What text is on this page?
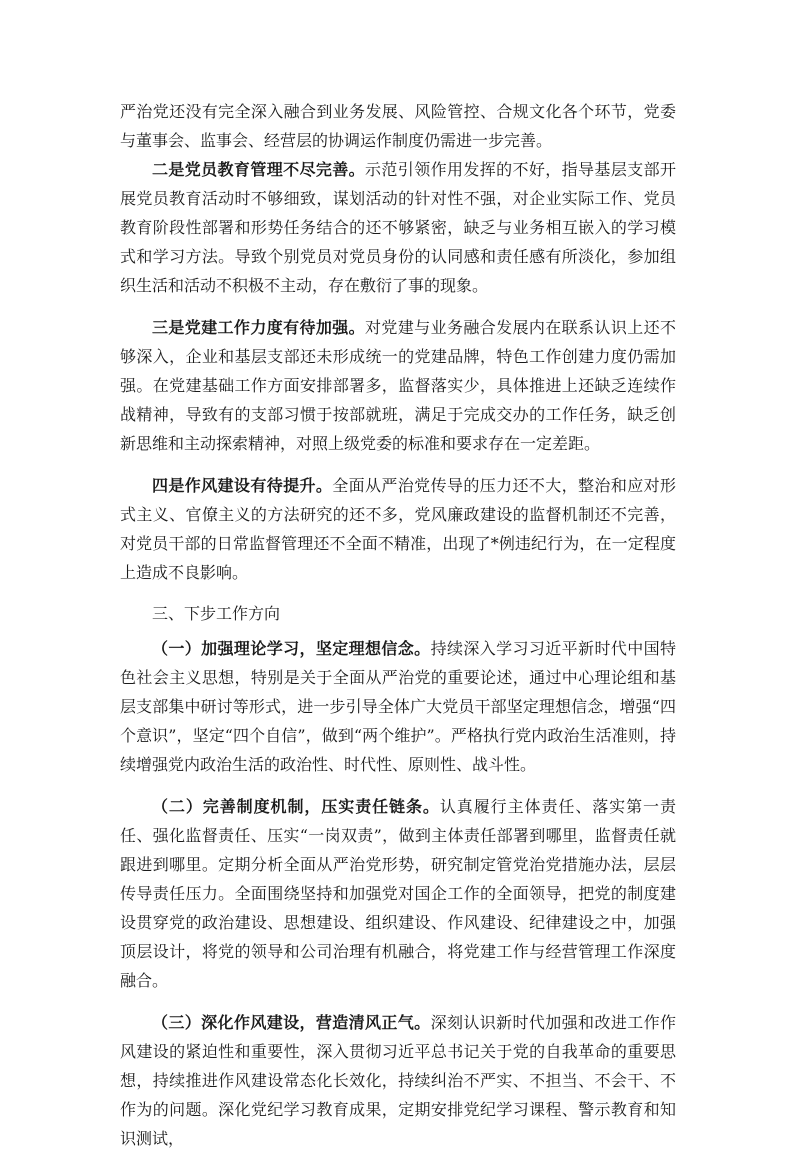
严治党还没有完全深入融合到业务发展、风险管控、合规文化各个环节，党委与董事会、监事会、经营层的协调运作制度仍需进一步完善。

二是党员教育管理不尽完善。示范引领作用发挥的不好，指导基层支部开展党员教育活动时不够细致，谋划活动的针对性不强，对企业实际工作、党员教育阶段性部署和形势任务结合的还不够紧密，缺乏与业务相互嵌入的学习模式和学习方法。导致个别党员对党员身份的认同感和责任感有所淡化，参加组织生活和活动不积极不主动，存在敷衍了事的现象。

三是党建工作力度有待加强。对党建与业务融合发展内在联系认识上还不够深入，企业和基层支部还未形成统一的党建品牌，特色工作创建力度仍需加强。在党建基础工作方面安排部署多，监督落实少，具体推进上还缺乏连续作战精神，导致有的支部习惯于按部就班，满足于完成交办的工作任务，缺乏创新思维和主动探索精神，对照上级党委的标准和要求存在一定差距。

四是作风建设有待提升。全面从严治党传导的压力还不大，整治和应对形式主义、官僚主义的方法研究的还不多，党风廉政建设的监督机制还不完善，对党员干部的日常监督管理还不全面不精准，出现了*例违纪行为，在一定程度上造成不良影响。

三、下步工作方向

（一）加强理论学习，坚定理想信念。持续深入学习习近平新时代中国特色社会主义思想，特别是关于全面从严治党的重要论述，通过中心理论组和基层支部集中研讨等形式，进一步引导全体广大党员干部坚定理想信念，增强“四个意识”，坚定“四个自信”，做到“两个维护”。严格执行党内政治生活准则，持续增强党内政治生活的政治性、时代性、原则性、战斗性。

（二）完善制度机制，压实责任链条。认真履行主体责任、落实第一责任、强化监督责任、压实“一岗双责”，做到主体责任部署到哪里，监督责任就跟进到哪里。定期分析全面从严治党形势，研究制定管党治党措施办法，层层传导责任压力。全面围绕坚持和加强党对国企工作的全面领导，把党的制度建设贯穿党的政治建设、思想建设、组织建设、作风建设、纪律建设之中，加强顶层设计，将党的领导和公司治理有机融合，将党建工作与经营管理工作深度融合。

（三）深化作风建设，营造清风正气。深刻认识新时代加强和改进工作作风建设的紧迫性和重要性，深入贯彻习近平总书记关于党的自我革命的重要思想，持续推进作风建设常态化长效化，持续纠治不严实、不担当、不会干、不作为的问题。深化党纪学习教育成果，定期安排党纪学习课程、警示教育和知识测试，
